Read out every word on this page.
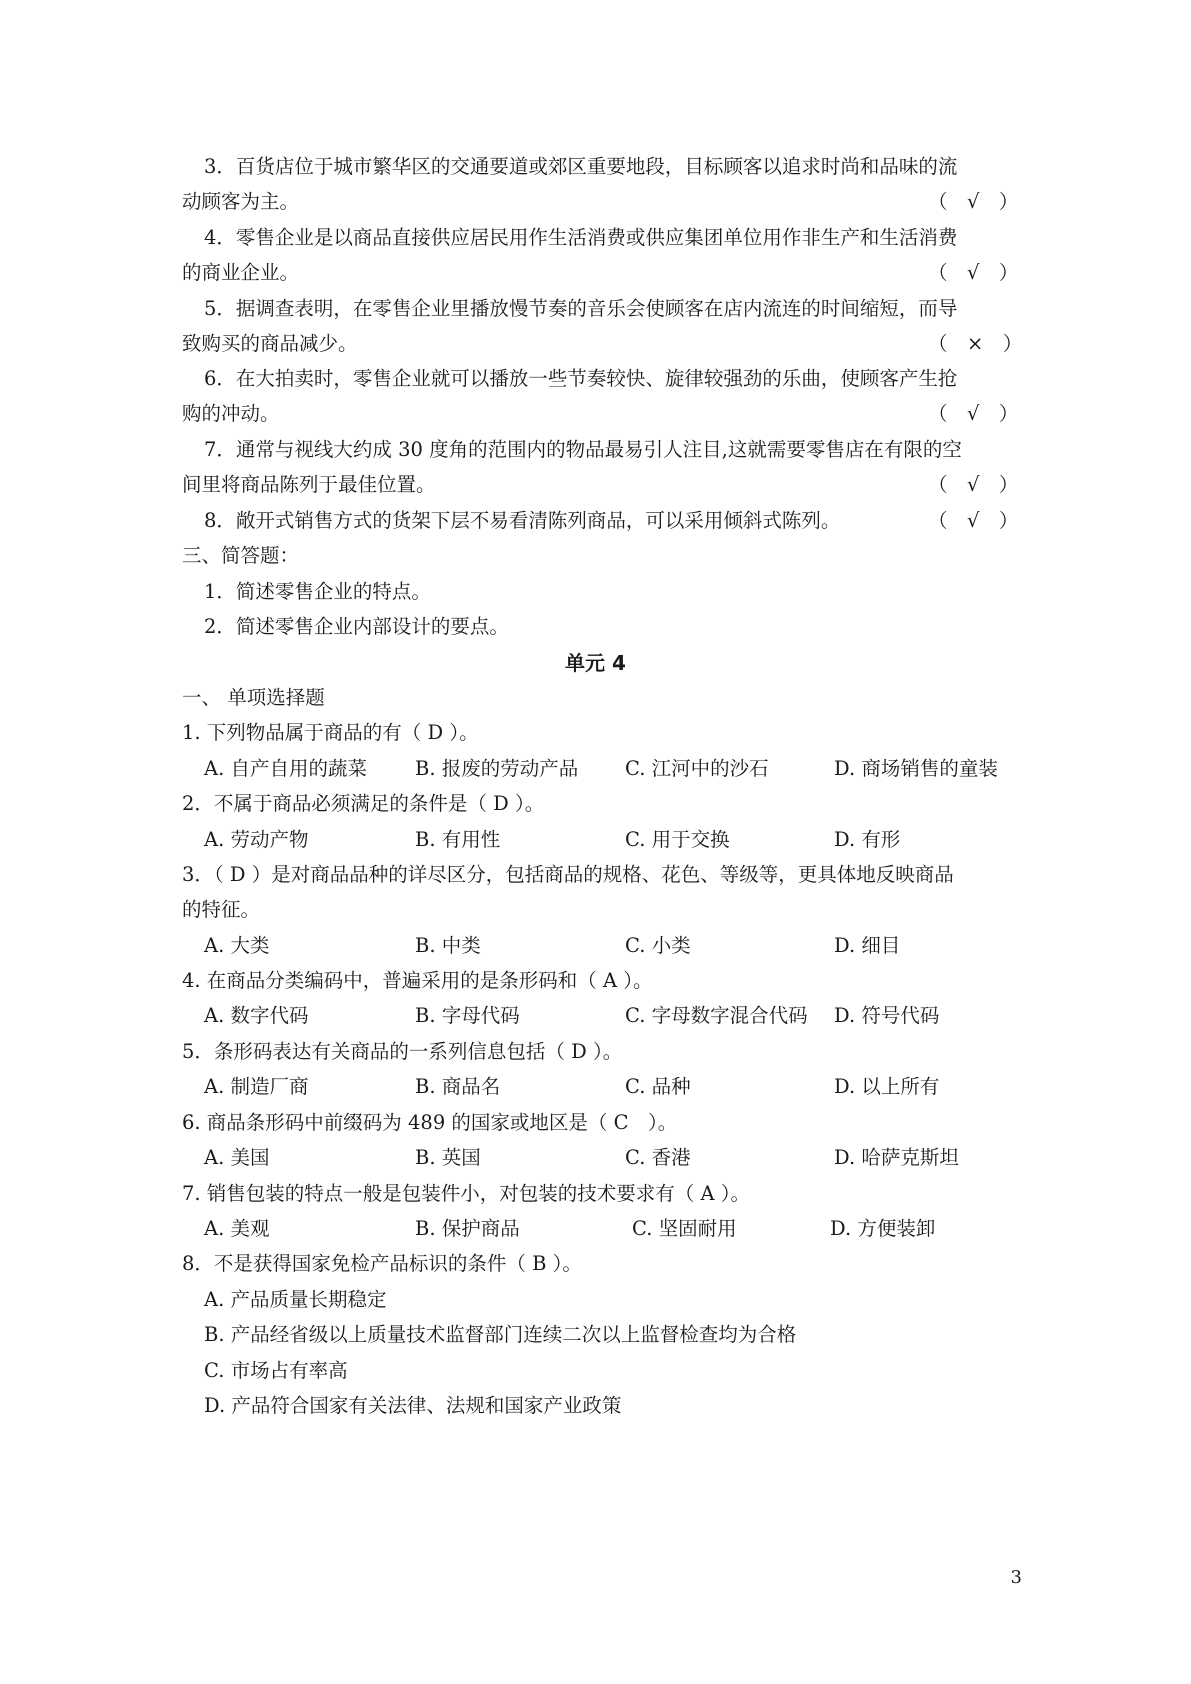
3．百货店位于城市繁华区的交通要道或郊区重要地段，目标顾客以追求时尚和品味的流
动顾客为主。	（　√　）
4．零售企业是以商品直接供应居民用作生活消费或供应集团单位用作非生产和生活消费
的商业企业。	（　√　）
5．据调查表明，在零售企业里播放慢节奏的音乐会使顾客在店内流连的时间缩短，而导
致购买的商品减少。	（　×　）
6．在大拍卖时，零售企业就可以播放一些节奏较快、旋律较强劲的乐曲，使顾客产生抢
购的冲动。	（　√　）
7．通常与视线大约成 30 度角的范围内的物品最易引人注目,这就需要零售店在有限的空
间里将商品陈列于最佳位置。	（　√　）
8．敞开式销售方式的货架下层不易看清陈列商品，可以采用倾斜式陈列。	（　√　）
三、简答题：
1．简述零售企业的特点。
2．简述零售企业内部设计的要点。
单元 4
一、 单项选择题
1. 下列物品属于商品的有（ D ）。
A. 自产自用的蔬菜 B. 报废的劳动产品 C. 江河中的沙石	D. 商场销售的童装
2．不属于商品必须满足的条件是（ D ）。
A. 劳动产物	B. 有用性	C. 用于交换	D. 有形
3．（ D ）是对商品品种的详尽区分，包括商品的规格、花色、等级等，更具体地反映商品
的特征。
A. 大类	B. 中类	C. 小类	D. 细目
4. 在商品分类编码中，普遍采用的是条形码和（ A ）。
A. 数字代码	B. 字母代码	C. 字母数字混合代码 D. 符号代码
5．条形码表达有关商品的一系列信息包括（ D ）。
A. 制造厂商	B. 商品名	C. 品种	D. 以上所有
6. 商品条形码中前缀码为 489 的国家或地区是（ C　）。
A. 美国	B. 英国	C. 香港	D. 哈萨克斯坦
7. 销售包装的特点一般是包装件小，对包装的技术要求有（ A ）。
A. 美观	B. 保护商品	C. 坚固耐用	D. 方便装卸
8．不是获得国家免检产品标识的条件（ B ）。
A. 产品质量长期稳定
B. 产品经省级以上质量技术监督部门连续二次以上监督检查均为合格
C. 市场占有率高
D. 产品符合国家有关法律、法规和国家产业政策
3
